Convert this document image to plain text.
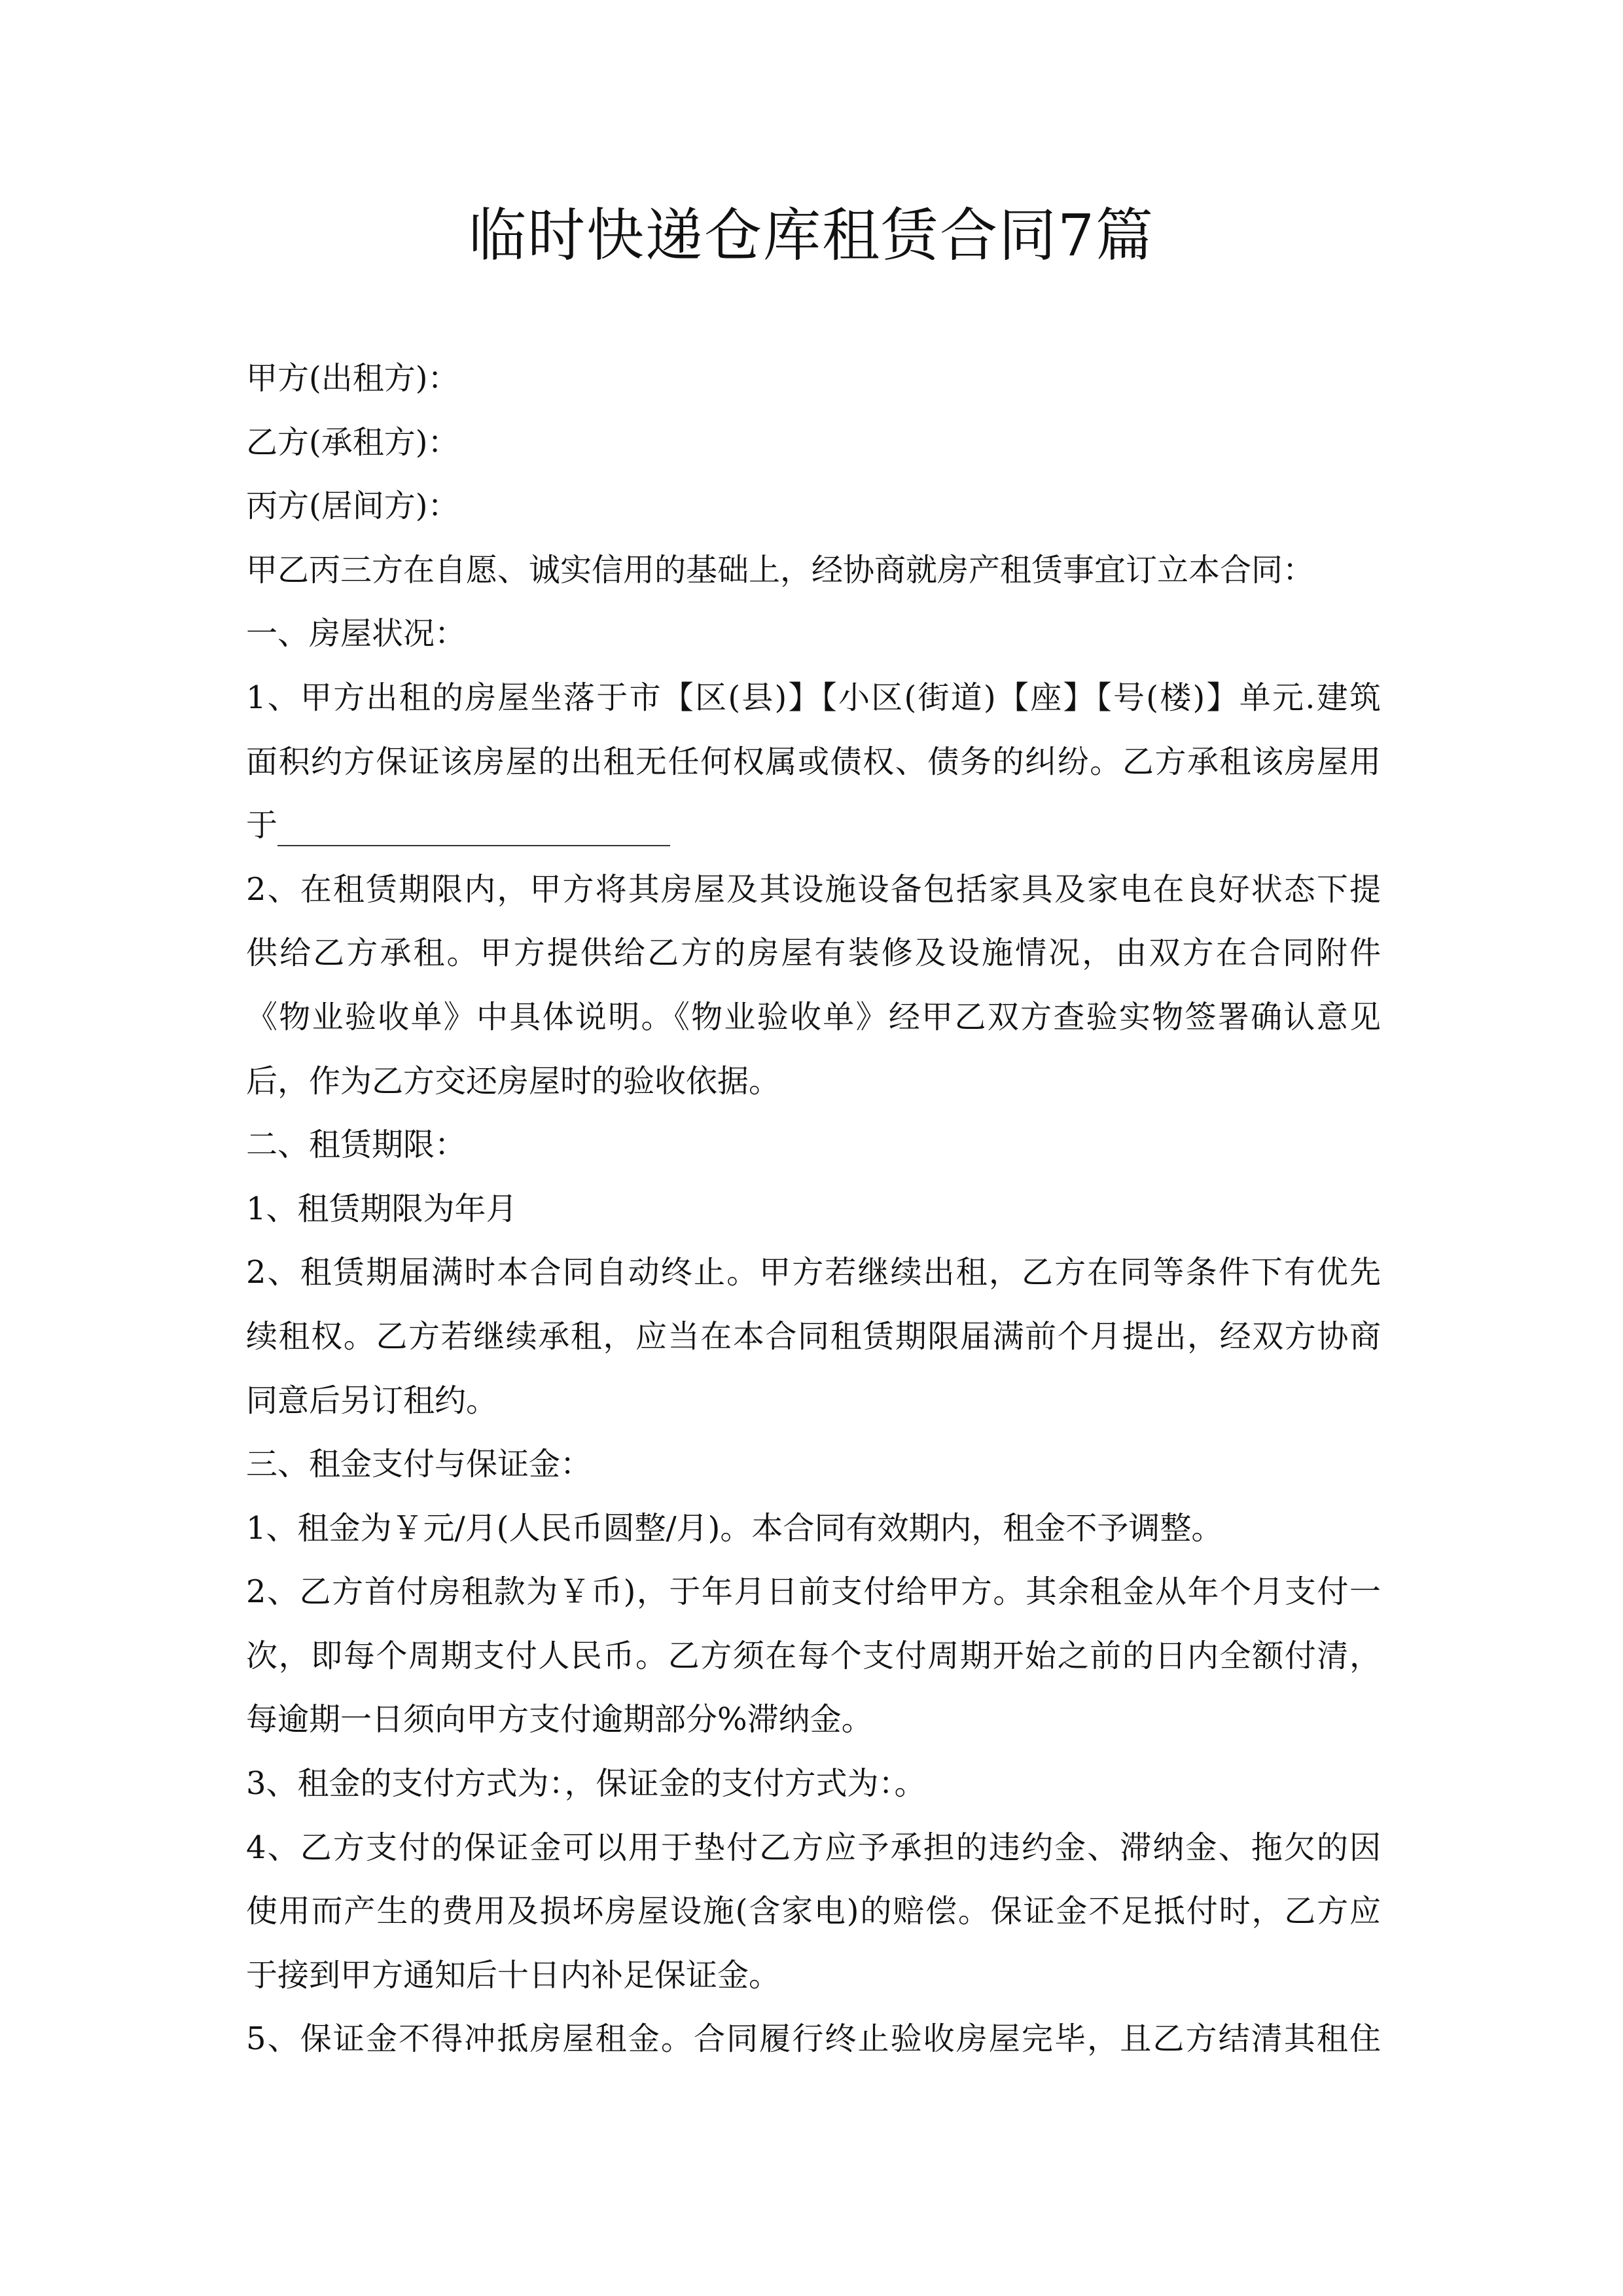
临时快递仓库租赁合同7篇
甲方(出租方)：
乙方(承租方)：
丙方(居间方)：
甲乙丙三方在自愿、诚实信用的基础上，经协商就房产租赁事宜订立本合同：
一、房屋状况：
1、甲方出租的房屋坐落于市【区(县)】【小区(街道)【座】【号(楼)】单元.建筑
面积约方保证该房屋的出租无任何权属或债权、债务的纠纷。乙方承租该房屋用
于
2、在租赁期限内，甲方将其房屋及其设施设备包括家具及家电在良好状态下提
供给乙方承租。甲方提供给乙方的房屋有装修及设施情况，由双方在合同附件
《物业验收单》中具体说明。《物业验收单》经甲乙双方查验实物签署确认意见
后，作为乙方交还房屋时的验收依据。
二、租赁期限：
1、租赁期限为年月
2、租赁期届满时本合同自动终止。甲方若继续出租，乙方在同等条件下有优先
续租权。乙方若继续承租，应当在本合同租赁期限届满前个月提出，经双方协商
同意后另订租约。
三、租金支付与保证金：
1、租金为￥元/月(人民币圆整/月)。本合同有效期内，租金不予调整。
2、乙方首付房租款为￥币)，于年月日前支付给甲方。其余租金从年个月支付一
次，即每个周期支付人民币。乙方须在每个支付周期开始之前的日内全额付清，
每逾期一日须向甲方支付逾期部分%滞纳金。
3、租金的支付方式为：，保证金的支付方式为：。
4、乙方支付的保证金可以用于垫付乙方应予承担的违约金、滞纳金、拖欠的因
使用而产生的费用及损坏房屋设施(含家电)的赔偿。保证金不足抵付时，乙方应
于接到甲方通知后十日内补足保证金。
5、保证金不得冲抵房屋租金。合同履行终止验收房屋完毕，且乙方结清其租住
